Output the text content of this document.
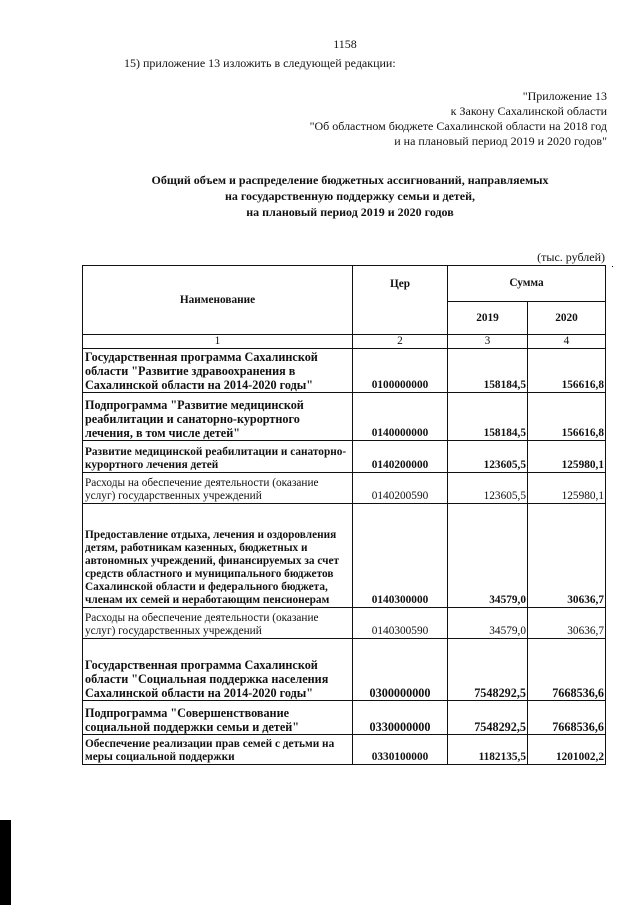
1158
15) приложение 13 изложить в следующей редакции:
"Приложение 13
к Закону Сахалинской области
"Об областном бюджете Сахалинской области на 2018 год
и на плановый период 2019 и 2020 годов"
Общий объем и распределение бюджетных ассигнований, направляемых
на государственную поддержку семьи и детей,
на плановый период 2019 и 2020 годов
(тыс. рублей)
Наименование	Цер	Сумма	
		2019	2020
1	2	3	4
Государственная программа Сахалинской области "Развитие здравоохранения в Сахалинской области на 2014-2020 годы"	0100000000	158184,5	156616,8
Подпрограмма "Развитие медицинской реабилитации и санаторно-курортного лечения, в том числе детей"	0140000000	158184,5	156616,8
Развитие медицинской реабилитации и санаторно-курортного лечения детей	0140200000	123605,5	125980,1
Расходы на обеспечение деятельности (оказание услуг) государственных учреждений	0140200590	123605,5	125980,1
Предоставление отдыха, лечения и оздоровления детям, работникам казенных, бюджетных и автономных учреждений, финансируемых за счет средств областного и муниципального бюджетов Сахалинской области и федерального бюджета, членам их семей и неработающим пенсионерам	0140300000	34579,0	30636,7
Расходы на обеспечение деятельности (оказание услуг) государственных учреждений	0140300590	34579,0	30636,7
Государственная программа Сахалинской области "Социальная поддержка населения Сахалинской области на 2014-2020 годы"	0300000000	7548292,5	7668536,6
Подпрограмма "Совершенствование социальной поддержки семьи и детей"	0330000000	7548292,5	7668536,6
Обеспечение реализации прав семей с детьми на меры социальной поддержки	0330100000	1182135,5	1201002,2
